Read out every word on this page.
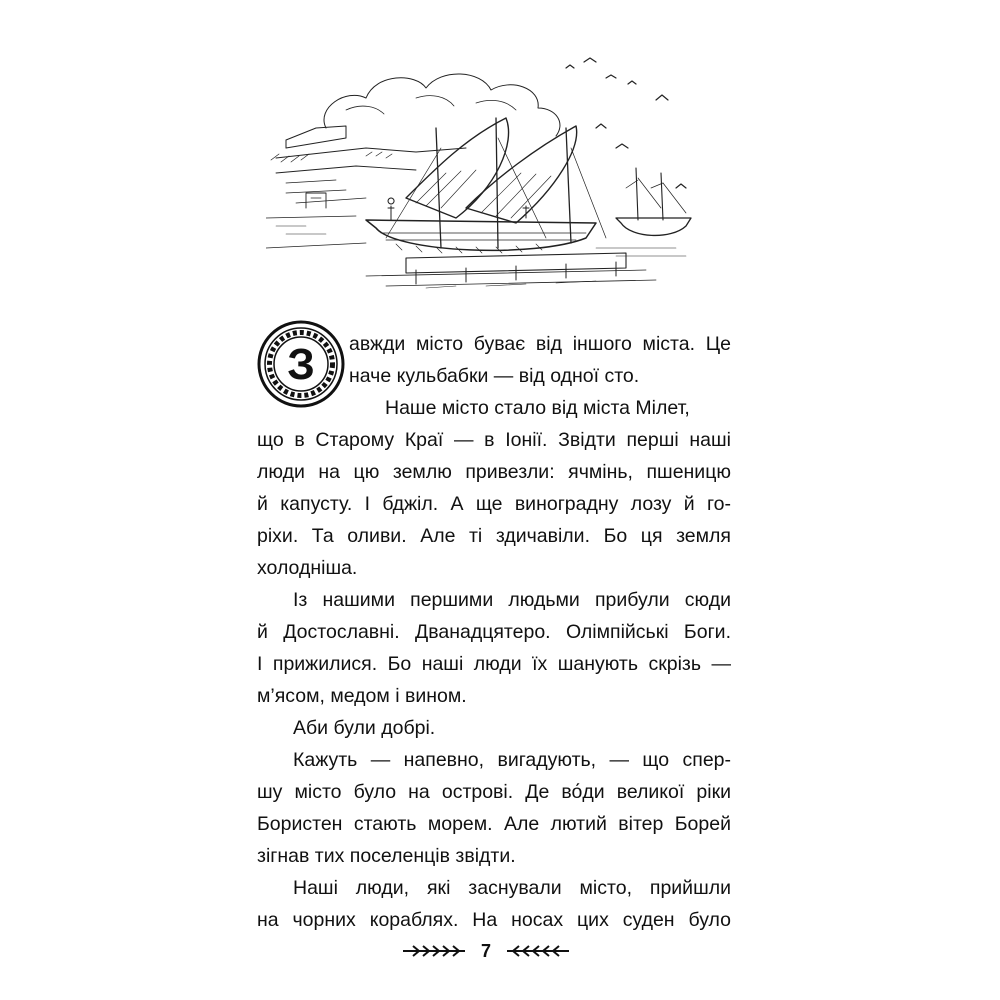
З авжди місто буває від іншого міста. Це
наче кульбабки — від одної сто.
Наше місто стало від міста Мілет,
що в Старому Краї — в Іонії. Звідти перші наші
люди на цю землю привезли: ячмінь, пшеницю
й капусту. І бджіл. А ще виноградну лозу й го-
ріхи. Та оливи. Але ті здичавіли. Бо ця земля
холодніша.
Із нашими першими людьми прибули сюди
й Достославні. Дванадцятеро. Олімпійські Боги.
І прижилися. Бо наші люди їх шанують скрізь —
м’ясом, медом і вином.
Аби були добрі.
Кажуть — напевно, вигадують, — що спер-
шу місто було на острові. Де во́ди великої ріки
Бористен стають морем. Але лютий вітер Борей
зігнав тих поселенців звідти.
Наші люди, які заснували місто, прийшли
на чорних кораблях. На носах цих суден було
7
